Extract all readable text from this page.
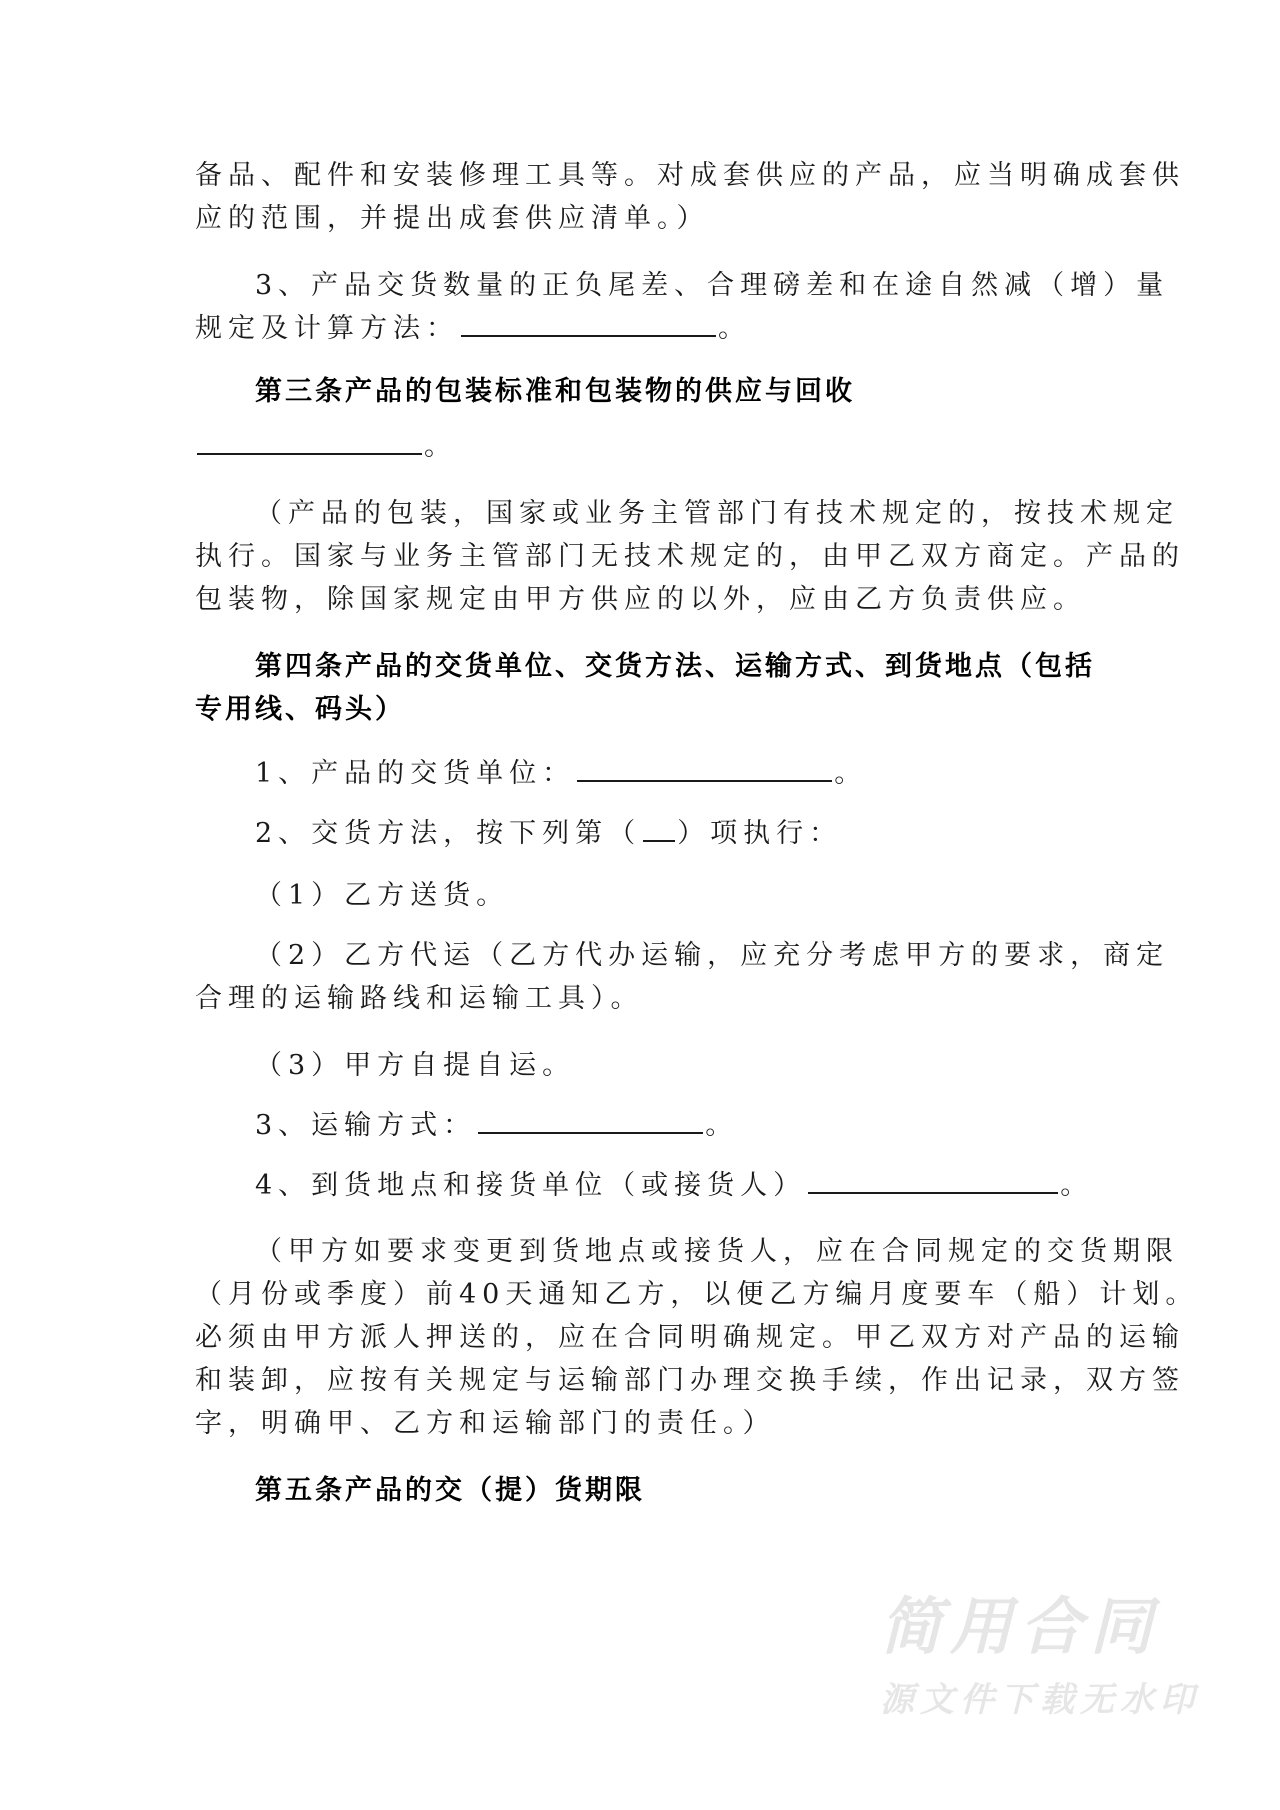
备品、配件和安装修理工具等。对成套供应的产品，应当明确成套供
应的范围，并提出成套供应清单。）
3、产品交货数量的正负尾差、合理磅差和在途自然减（增）量
规定及计算方法：	。
第三条产品的包装标准和包装物的供应与回收
。
（产品的包装，国家或业务主管部门有技术规定的，按技术规定
执行。国家与业务主管部门无技术规定的，由甲乙双方商定。产品的
包装物，除国家规定由甲方供应的以外，应由乙方负责供应。
第四条产品的交货单位、交货方法、运输方式、到货地点（包括
专用线、码头）
1、产品的交货单位：	。
2、交货方法，按下列第（ ）项执行：
（1）乙方送货。
（2）乙方代运（乙方代办运输，应充分考虑甲方的要求，商定
合理的运输路线和运输工具）。
（3）甲方自提自运。
3、运输方式：	。
4、到货地点和接货单位（或接货人）	。
（甲方如要求变更到货地点或接货人，应在合同规定的交货期限
（月份或季度）前40天通知乙方，以便乙方编月度要车（船）计划。
必须由甲方派人押送的，应在合同明确规定。甲乙双方对产品的运输
和装卸，应按有关规定与运输部门办理交换手续，作出记录，双方签
字，明确甲、乙方和运输部门的责任。）
第五条产品的交（提）货期限
简用合同
源文件下载无水印
